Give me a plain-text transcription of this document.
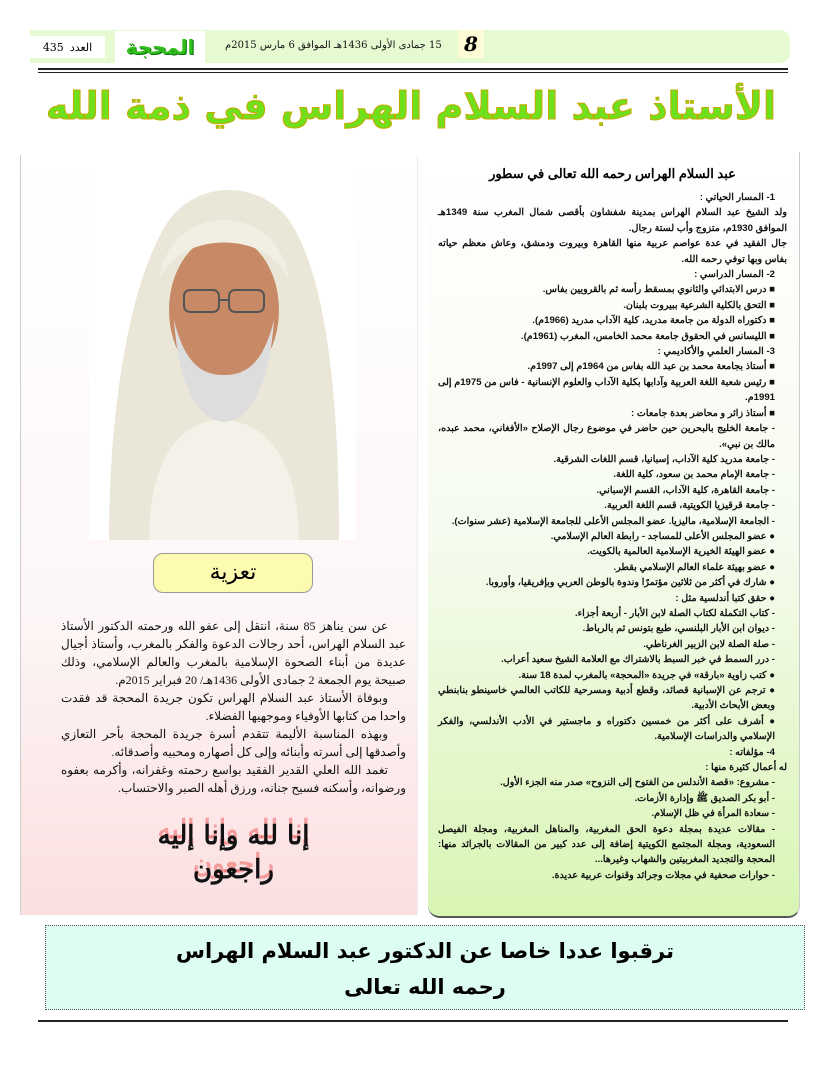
العدد
435	المحجة	15 جمادى الأولى 1436هـ الموافق 6 مارس 2015م	8
الأستاذ عبد السلام الهراس في ذمة الله
عبد السلام الهراس رحمه الله تعالى في سطور

1- المسار الحياتي :

ولد الشيخ عبد السلام الهراس بمدينة شفشاون بأقصى شمال المغرب سنة 1349هـ الموافق 1930م، متزوج وأب لستة رجال.

جال الفقيد في عدة عواصم عربية منها القاهرة وبيروت ودمشق، وعاش معظم حياته بفاس وبها توفي رحمه الله.

2- المسار الدراسي :

■ درس الابتدائي والثانوي بمسقط رأسه ثم بالقرويين بفاس.

■ التحق بالكلية الشرعية ببيروت بلبنان.

■ دكتوراه الدولة من جامعة مدريد، كلية الآداب مدريد (1966م).

■ الليسانس في الحقوق جامعة محمد الخامس، المغرب (1961م).

3- المسار العلمي والأكاديمي :

■ أستاذ بجامعة محمد بن عبد الله بفاس من 1964م إلى 1997م.

■ رئيس شعبة اللغة العربية وآدابها بكلية الآداب والعلوم الإنسانية - فاس من 1975م إلى 1991م.

■ أستاذ زائر و محاضر بعدة جامعات :

- جامعة الخليج بالبحرين حين حاضر في موضوع رجال الإصلاح «الأفغاني، محمد عبده، مالك بن نبي».

- جامعة مدريد كلية الآداب، إسبانيا، قسم اللغات الشرقية.

- جامعة الإمام محمد بن سعود، كلية اللغة.

- جامعة القاهرة، كلية الآداب، القسم الإسباني.

- جامعة قرقيزيا الكويتية، قسم اللغة العربية.

- الجامعة الإسلامية، ماليزيا. عضو المجلس الأعلى للجامعة الإسلامية (عشر سنوات).

● عضو المجلس الأعلى للمساجد - رابطة العالم الإسلامي.

● عضو الهيئة الخيرية الإسلامية العالمية بالكويت.

● عضو بهيئة علماء العالم الإسلامي بقطر.

● شارك في أكثر من ثلاثين مؤتمرًا وندوة بالوطن العربي وبإفريقيا، وأوروبا.

● حقق كتبا أندلسية مثل :

- كتاب التكملة لكتاب الصلة لابن الأبار - أربعة أجزاء.

- ديوان ابن الأبار البلنسي، طبع بتونس ثم بالرباط.

- صلة الصلة لابن الزبير الغرناطي.

- درر السمط في خبر السبط بالاشتراك مع العلامة الشيخ سعيد أعراب.

● كتب زاوية «بارقة» في جريدة «المحجة» بالمغرب لمدة 18 سنة.

● ترجم عن الإسبانية قصائد، وقطع أدبية ومسرحية للكاتب العالمي خاسينطو بنابنطي وبعض الأبحاث الأدبية.

● أشرف على أكثر من خمسين دكتوراه و ماجستير في الأدب الأندلسي، والفكر الإسلامي والدراسات الإسلامية.

4- مؤلفاته :

له أعمال كثيرة منها :

- مشروع: «قصة الأندلس من الفتوح إلى النزوح» صدر منه الجزء الأول.

- أبو بكر الصديق ﷺ وإدارة الأزمات.

- سعادة المرأة في ظل الإسلام.

- مقالات عديدة بمجلة دعوة الحق المغربية، والمناهل المغربية، ومجلة الفيصل السعودية، ومجلة المجتمع الكويتية إضافة إلى عدد كبير من المقالات بالجرائد منها: المحجة والتجديد المغربيتين والشهاب وغيرها...

- حوارات صحفية في مجلات وجرائد وقنوات عربية عديدة.

تعزية

عن سن يناهز 85 سنة، انتقل إلى عفو الله ورحمته الدكتور الأستاذ عبد السلام الهراس، أحد رجالات الدعوة والفكر بالمغرب، وأستاذ أجيال عديدة من أبناء الصحوة الإسلامية بالمغرب والعالم الإسلامي، وذلك صبيحة يوم الجمعة 2 جمادى الأولى 1436هـ/ 20 فبراير 2015م.

وبوفاة الأستاذ عبد السلام الهراس تكون جريدة المحجة قد فقدت واحدا من كتابها الأوفياء وموجهيها الفضلاء.

وبهذه المناسبة الأليمة تتقدم أسرة جريدة المحجة بأحر التعازي وأصدقها إلى أسرته وأبنائه وإلى كل أصهاره ومحبيه وأصدقائه.

تغمد الله العلي القدير الفقيد بواسع رحمته وغفرانه، وأكرمه بعفوه ورضوانه، وأسكنه فسيح جنانه، ورزق أهله الصبر والاحتساب.

إنا لله وإنا إليه راجعون
ترقبوا عددا خاصا عن الدكتور عبد السلام الهراس
رحمه الله تعالى
